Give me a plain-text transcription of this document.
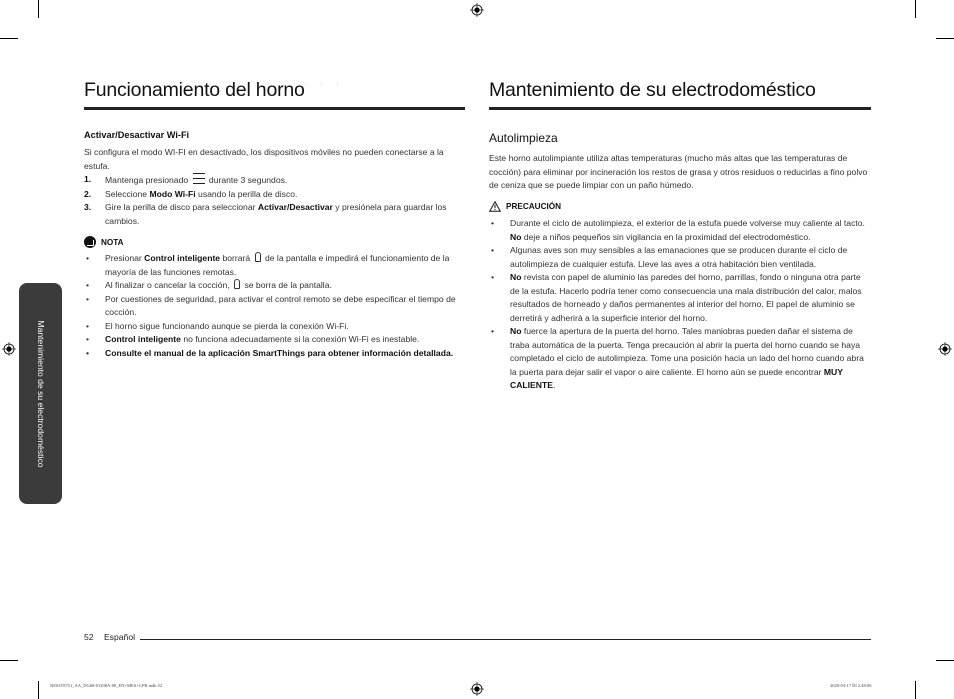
Funcionamiento del horno · · ·
Activar/Desactivar Wi-Fi

Si configura el modo WI-FI en desactivado, los dispositivos móviles no pueden conectarse a la estufa.

1. Mantenga presionado durante 3 segundos.
2. Seleccione Modo Wi-Fi usando la perilla de disco.
3. Gire la perilla de disco para seleccionar Activar/Desactivar y presiónela para guardar los cambios.
NOTA
• Presionar Control inteligente borrará de la pantalla e impedirá el funcionamiento de la mayoría de las funciones remotas.
• Al finalizar o cancelar la cocción, se borra de la pantalla.
• Por cuestiones de seguridad, para activar el control remoto se debe especificar el tiempo de cocción.
• El horno sigue funcionando aunque se pierda la conexión Wi-Fi.
• Control inteligente no funciona adecuadamente si la conexión Wi-Fi es inestable.
• Consulte el manual de la aplicación SmartThings para obtener información detallada.
Mantenimiento de su electrodoméstico
Autolimpieza

Este horno autolimpiante utiliza altas temperaturas (mucho más altas que las temperaturas de cocción) para eliminar por incineración los restos de grasa y otros residuos o reducirlas a fino polvo de ceniza que se puede limpiar con un paño húmedo.

PRECAUCIÓN
• Durante el ciclo de autolimpieza, el exterior de la estufa puede volverse muy caliente al tacto. No deje a niños pequeños sin vigilancia en la proximidad del electrodoméstico.
• Algunas aves son muy sensibles a las emanaciones que se producen durante el ciclo de autolimpieza de cualquier estufa. Lleve las aves a otra habitación bien ventilada.
• No revista con papel de aluminio las paredes del horno, parrillas, fondo o ninguna otra parte de la estufa. Hacerlo podría tener como consecuencia una mala distribución del calor, malos resultados de horneado y daños permanentes al interior del horno. El papel de aluminio se derretirá y adherirá a la superficie interior del horno.
• No fuerce la apertura de la puerta del horno. Tales maniobras pueden dañar el sistema de traba automática de la puerta. Tenga precaución al abrir la puerta del horno cuando se haya completado el ciclo de autolimpieza. Tome una posición hacia un lado del horno cuando abra la puerta para dejar salir el vapor o aire caliente. El horno aún se puede encontrar MUY CALIENTE.
Mantenimiento de su electrodoméstico
52 Español
NE63T8751_AA_DG68-01208A-00_EN+MES+CFR.indb 52	2020-03-17 ￼ 2:48:06
